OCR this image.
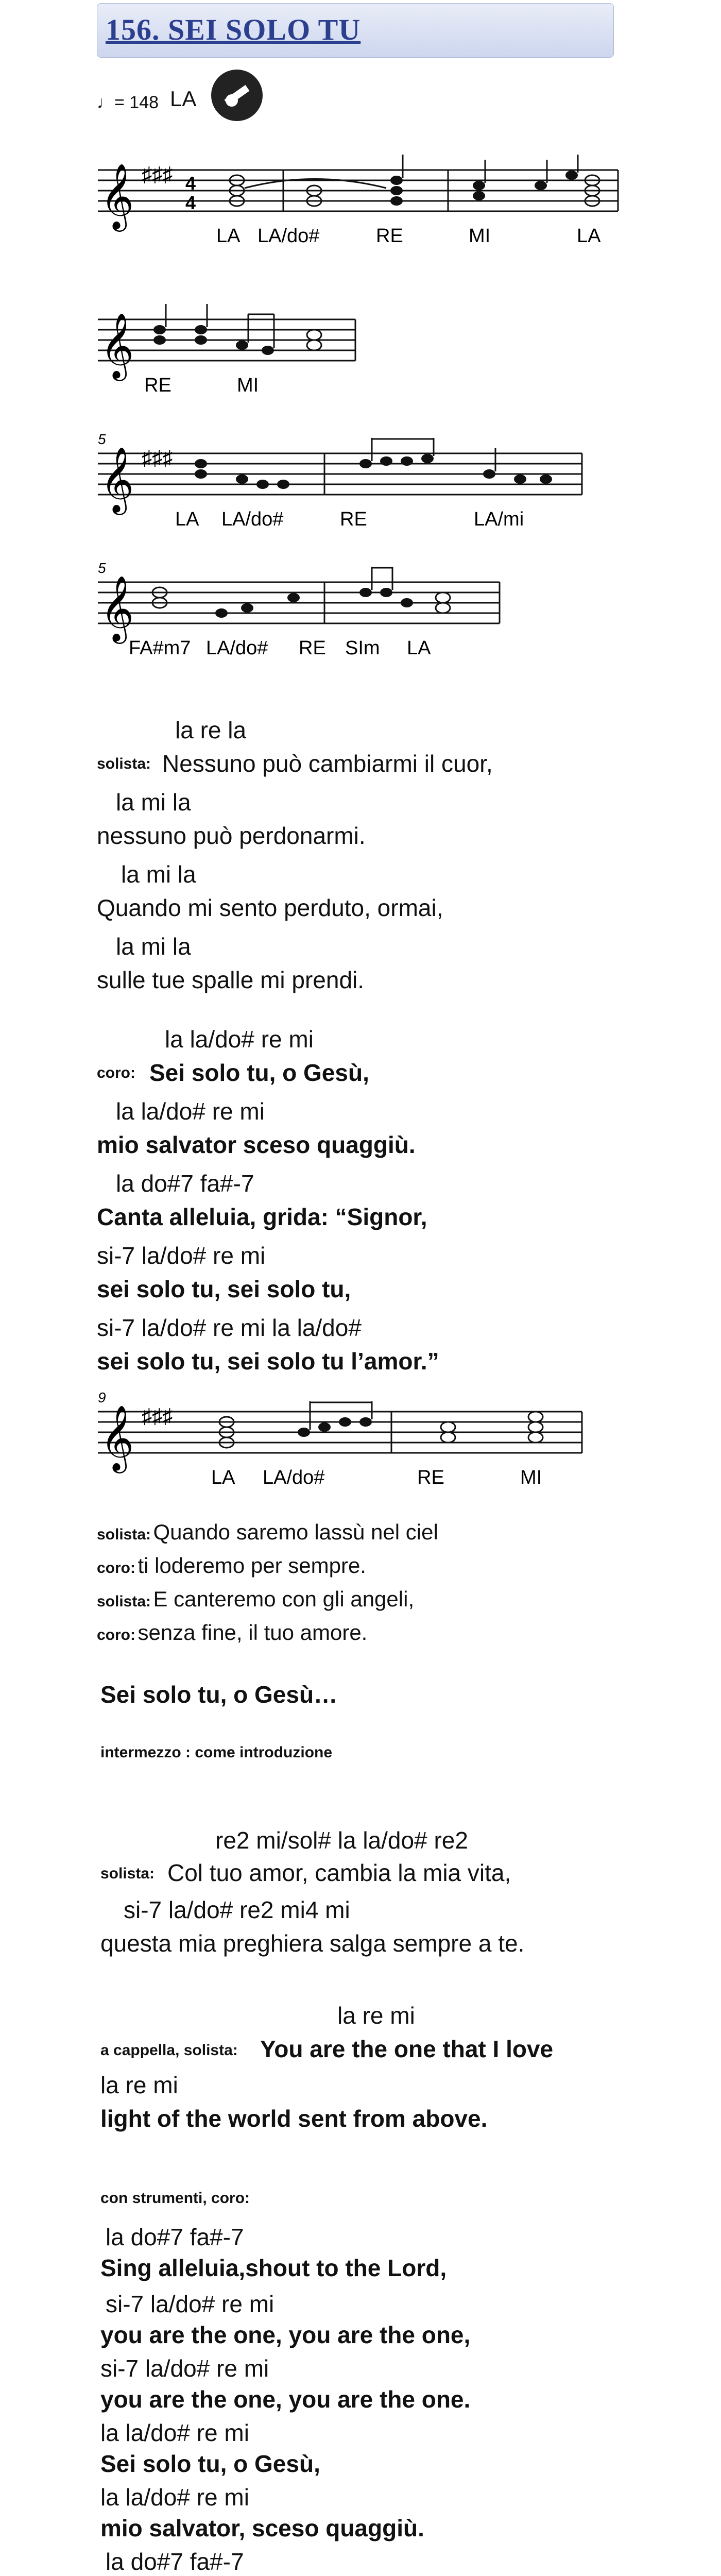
156. SEI SOLO TU
♩= 148 LA
𝄞 ♯♯♯ 4
4
LA LA/do#	RE	MI	LA
𝄞
RE	MI
5
𝄞 ♯♯♯
LA LA/do#	RE	LA/mi
5
𝄞
FA#m7 LA/do# RE SIm LA
la re la
solista: Nessuno può cambiarmi il cuor,
la mi la
nessuno può perdonarmi.
la mi la
Quando mi sento perduto, ormai,
la mi la
sulle tue spalle mi prendi.
la la/do# re mi
coro: Sei solo tu, o Gesù,
la la/do# re mi
mio salvator sceso quaggiù.
la do#7 fa#-7
Canta alleluia, grida: “Signor,
si-7 la/do# re mi
sei solo tu, sei solo tu,
si-7 la/do# re mi la la/do#
sei solo tu, sei solo tu l’amor.”
9
𝄞 ♯♯♯
LA LA/do#	RE	MI
solista: Quando saremo lassù nel ciel
coro: ti loderemo per sempre.
solista: E canteremo con gli angeli,
coro: senza fine, il tuo amore.
Sei solo tu, o Gesù…
intermezzo : come introduzione
re2 mi/sol# la la/do# re2
solista: Col tuo amor, cambia la mia vita,
si-7 la/do# re2 mi4 mi
questa mia preghiera salga sempre a te.
la re mi
a cappella, solista: You are the one that I love
la re mi
light of the world sent from above.
con strumenti, coro:
la do#7 fa#-7
Sing alleluia,shout to the Lord,
si-7 la/do# re mi
you are the one, you are the one,
si-7 la/do# re mi
you are the one, you are the one.
la la/do# re mi
Sei solo tu, o Gesù,
la la/do# re mi
mio salvator, sceso quaggiù.
la do#7 fa#-7
